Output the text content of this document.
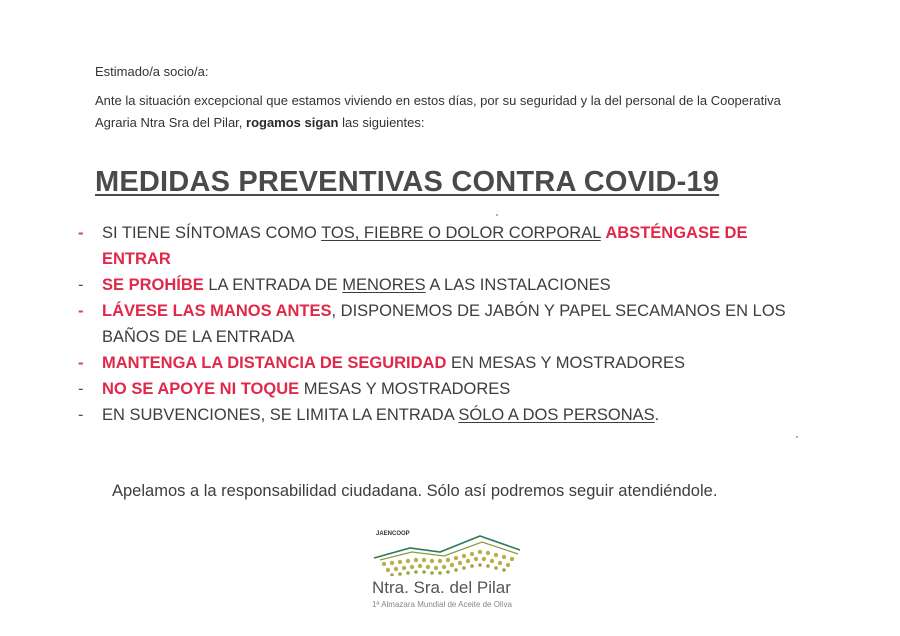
Estimado/a socio/a:
Ante la situación excepcional que estamos viviendo en estos días, por su seguridad y la del personal de la Cooperativa Agraria Ntra Sra del Pilar, rogamos sigan las siguientes:
MEDIDAS PREVENTIVAS CONTRA COVID-19
- SI TIENE SÍNTOMAS COMO TOS, FIEBRE O DOLOR CORPORAL ABSTÉNGASE DE ENTRAR
- SE PROHÍBE LA ENTRADA DE MENORES A LAS INSTALACIONES
- LÁVESE LAS MANOS ANTES, DISPONEMOS DE JABÓN Y PAPEL SECAMANOS EN LOS BAÑOS DE LA ENTRADA
- MANTENGA LA DISTANCIA DE SEGURIDAD EN MESAS Y MOSTRADORES
- NO SE APOYE NI TOQUE MESAS Y MOSTRADORES
- EN SUBVENCIONES, SE LIMITA LA ENTRADA SÓLO A DOS PERSONAS.
Apelamos a la responsabilidad ciudadana. Sólo así podremos seguir atendiéndole.
JAENCOOP
Ntra. Sra. del Pilar
1ª Almazara Mundial de Aceite de Oliva
